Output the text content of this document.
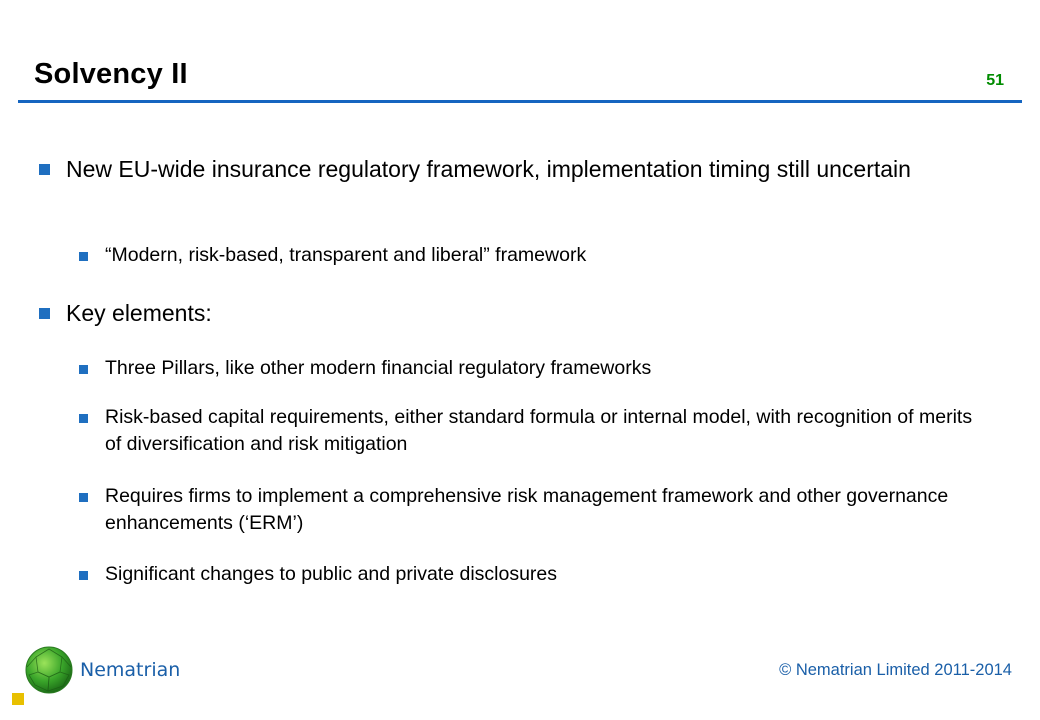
Solvency II	51
New EU-wide insurance regulatory framework, implementation timing still uncertain
“Modern, risk-based, transparent and liberal” framework
Key elements:
Three Pillars, like other modern financial regulatory frameworks
Risk-based capital requirements, either standard formula or internal model, with recognition of merits of diversification and risk mitigation
Requires firms to implement a comprehensive risk management framework and other governance enhancements (‘ERM’)
Significant changes to public and private disclosures
Nematrian	© Nematrian Limited 2011-2014
